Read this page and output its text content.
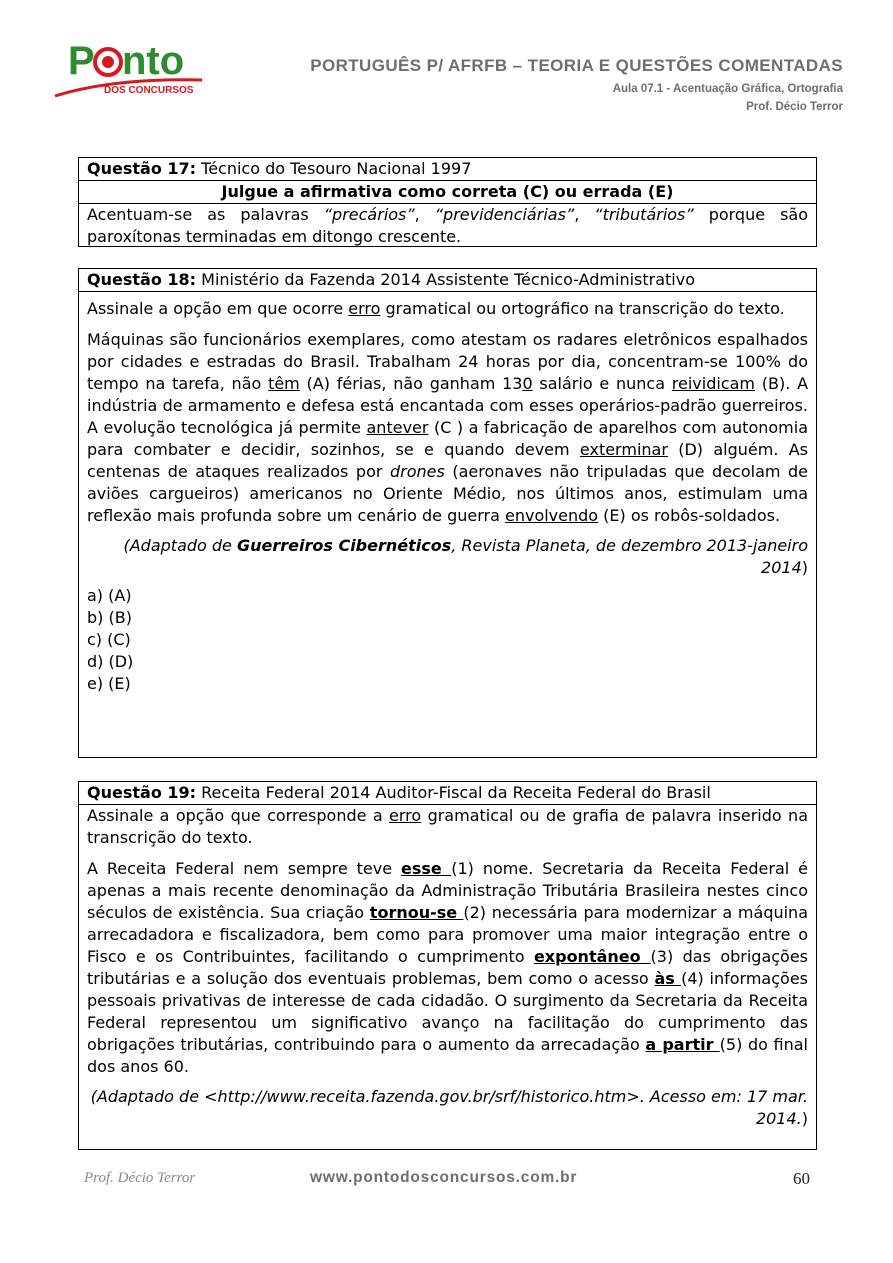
P nto
DOS CONCURSOS
PORTUGUÊS P/ AFRFB – TEORIA E QUESTÕES COMENTADAS
Aula 07.1 - Acentuação Gráfica, Ortografia
Prof. Décio Terror
Questão 17: Técnico do Tesouro Nacional 1997
Julgue a afirmativa como correta (C) ou errada (E)
Acentuam-se as palavras “precários”, “previdenciárias”, “tributários” porque são paroxítonas terminadas em ditongo crescente.
Questão 18: Ministério da Fazenda 2014 Assistente Técnico-Administrativo
Assinale a opção em que ocorre erro gramatical ou ortográfico na transcrição do texto.
Máquinas são funcionários exemplares, como atestam os radares eletrônicos espalhados por cidades e estradas do Brasil. Trabalham 24 horas por dia, concentram-se 100% do tempo na tarefa, não têm (A) férias, não ganham 130 salário e nunca reividicam (B). A indústria de armamento e defesa está encantada com esses operários-padrão guerreiros. A evolução tecnológica já permite antever (C ) a fabricação de aparelhos com autonomia para combater e decidir, sozinhos, se e quando devem exterminar (D) alguém. As centenas de ataques realizados por drones (aeronaves não tripuladas que decolam de aviões cargueiros) americanos no Oriente Médio, nos últimos anos, estimulam uma reflexão mais profunda sobre um cenário de guerra envolvendo (E) os robôs-soldados.
(Adaptado de Guerreiros Cibernéticos, Revista Planeta, de dezembro 2013-janeiro 2014)
a) (A)
b) (B)
c) (C)
d) (D)
e) (E)
Questão 19: Receita Federal 2014 Auditor-Fiscal da Receita Federal do Brasil
Assinale a opção que corresponde a erro gramatical ou de grafia de palavra inserido na transcrição do texto.
A Receita Federal nem sempre teve esse (1) nome. Secretaria da Receita Federal é apenas a mais recente denominação da Administração Tributária Brasileira nestes cinco séculos de existência. Sua criação tornou-se (2) necessária para modernizar a máquina arrecadadora e fiscalizadora, bem como para promover uma maior integração entre o Fisco e os Contribuintes, facilitando o cumprimento expontâneo (3) das obrigações tributárias e a solução dos eventuais problemas, bem como o acesso às (4) informações pessoais privativas de interesse de cada cidadão. O surgimento da Secretaria da Receita Federal representou um significativo avanço na facilitação do cumprimento das obrigações tributárias, contribuindo para o aumento da arrecadação a partir (5) do final dos anos 60.
(Adaptado de <http://www.receita.fazenda.gov.br/srf/historico.htm>. Acesso em: 17 mar. 2014.)
Prof. Décio Terror	www.pontodosconcursos.com.br	60
